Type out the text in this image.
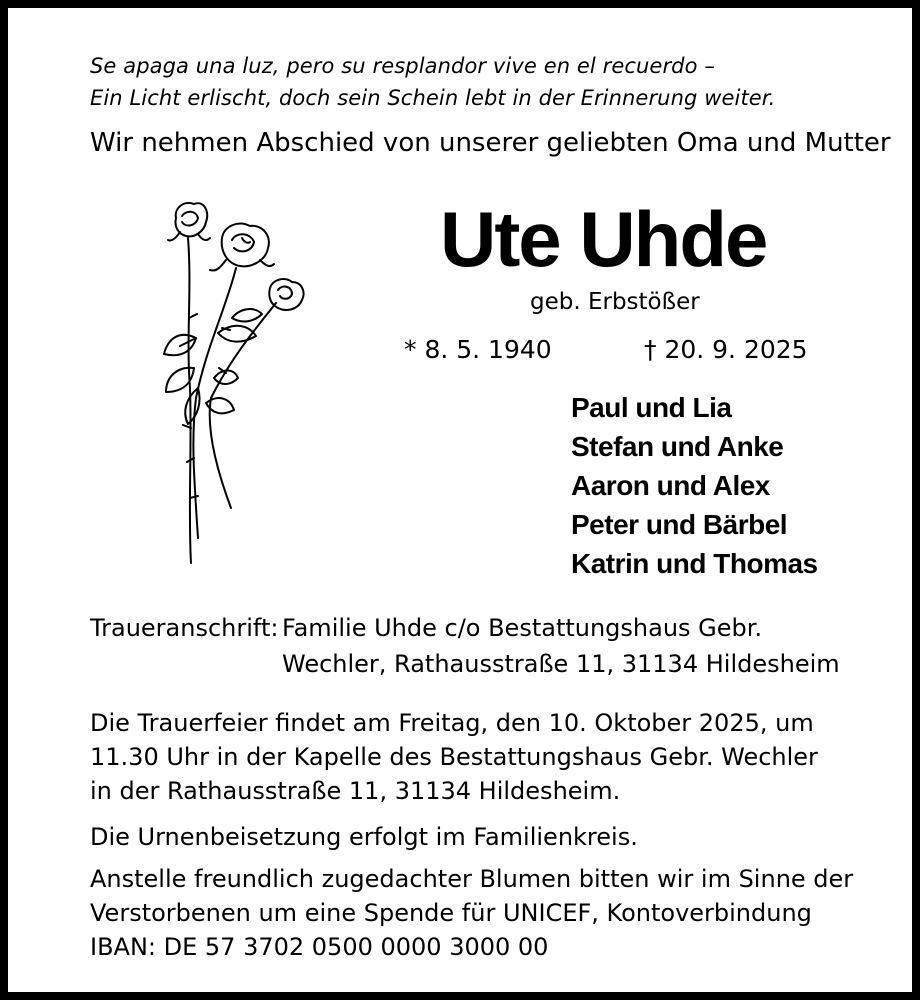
Se apaga una luz, pero su resplandor vive en el recuerdo –
Ein Licht erlischt, doch sein Schein lebt in der Erinnerung weiter.
Wir nehmen Abschied von unserer geliebten Oma und Mutter
Ute Uhde
geb. Erbstößer
* 8. 5. 1940	† 20. 9. 2025
Paul und Lia
Stefan und Anke
Aaron und Alex
Peter und Bärbel
Katrin und Thomas
Traueranschrift: Familie Uhde c/o Bestattungshaus Gebr.
Wechler, Rathausstraße 11, 31134 Hildesheim
Die Trauerfeier findet am Freitag, den 10. Oktober 2025, um
11.30 Uhr in der Kapelle des Bestattungshaus Gebr. Wechler
in der Rathausstraße 11, 31134 Hildesheim.
Die Urnenbeisetzung erfolgt im Familienkreis.
Anstelle freundlich zugedachter Blumen bitten wir im Sinne der
Verstorbenen um eine Spende für UNICEF, Kontoverbindung
IBAN: DE 57 3702 0500 0000 3000 00
